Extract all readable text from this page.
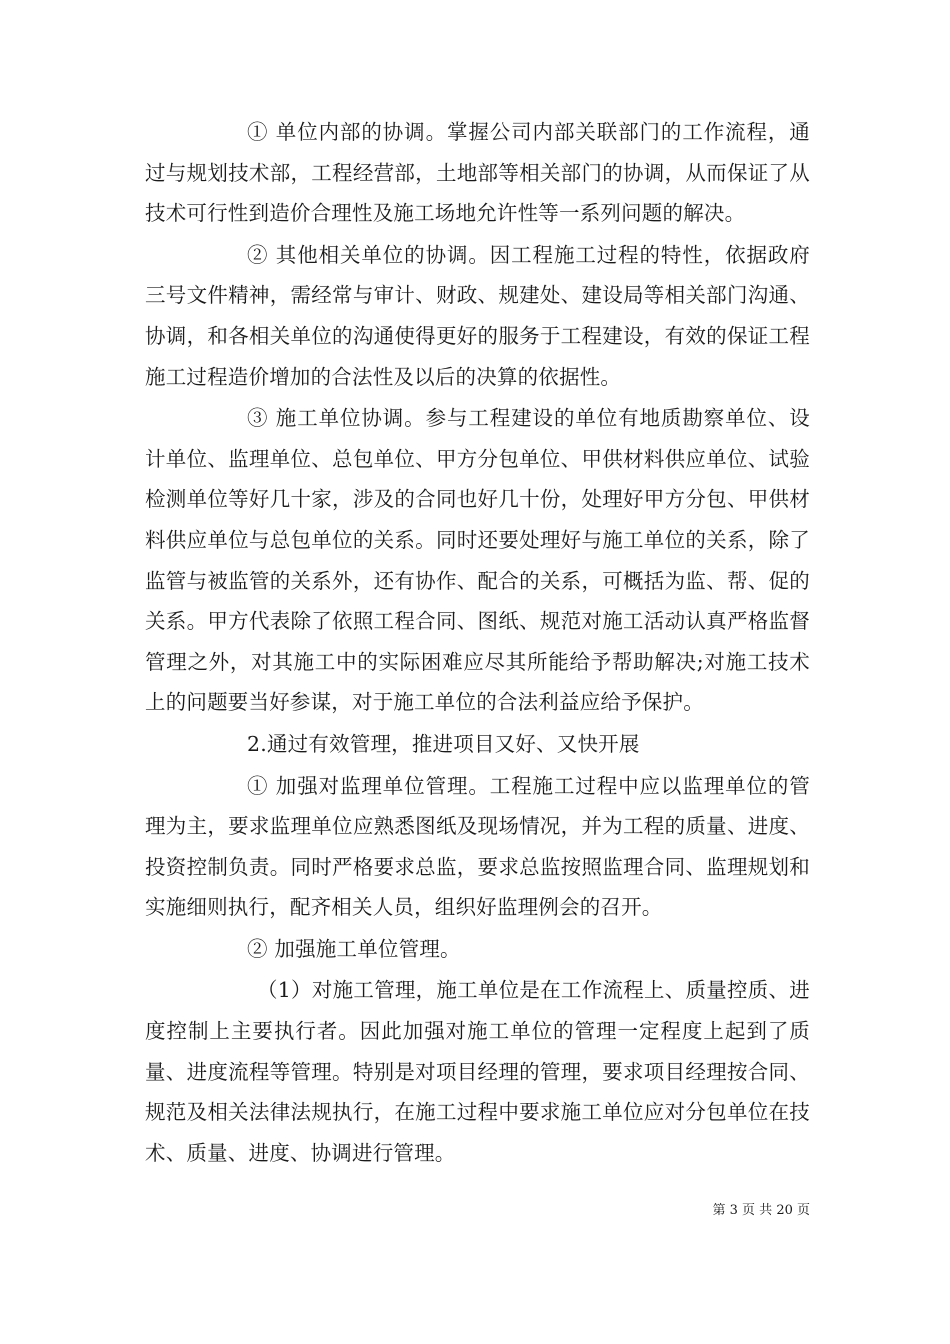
① 单位内部的协调。掌握公司内部关联部门的工作流程，通过与规划技术部，工程经营部，土地部等相关部门的协调，从而保证了从技术可行性到造价合理性及施工场地允许性等一系列问题的解决。

② 其他相关单位的协调。因工程施工过程的特性，依据政府三号文件精神，需经常与审计、财政、规建处、建设局等相关部门沟通、协调，和各相关单位的沟通使得更好的服务于工程建设，有效的保证工程施工过程造价增加的合法性及以后的决算的依据性。

③ 施工单位协调。参与工程建设的单位有地质勘察单位、设计单位、监理单位、总包单位、甲方分包单位、甲供材料供应单位、试验检测单位等好几十家，涉及的合同也好几十份，处理好甲方分包、甲供材料供应单位与总包单位的关系。同时还要处理好与施工单位的关系，除了监管与被监管的关系外，还有协作、配合的关系，可概括为监、帮、促的关系。甲方代表除了依照工程合同、图纸、规范对施工活动认真严格监督管理之外，对其施工中的实际困难应尽其所能给予帮助解决;对施工技术上的问题要当好参谋，对于施工单位的合法利益应给予保护。

2.通过有效管理，推进项目又好、又快开展

① 加强对监理单位管理。工程施工过程中应以监理单位的管理为主，要求监理单位应熟悉图纸及现场情况，并为工程的质量、进度、投资控制负责。同时严格要求总监，要求总监按照监理合同、监理规划和实施细则执行，配齐相关人员，组织好监理例会的召开。

② 加强施工单位管理。

（1）对施工管理，施工单位是在工作流程上、质量控质、进度控制上主要执行者。因此加强对施工单位的管理一定程度上起到了质量、进度流程等管理。特别是对项目经理的管理，要求项目经理按合同、规范及相关法律法规执行，在施工过程中要求施工单位应对分包单位在技术、质量、进度、协调进行管理。

第 3 页 共 20 页
